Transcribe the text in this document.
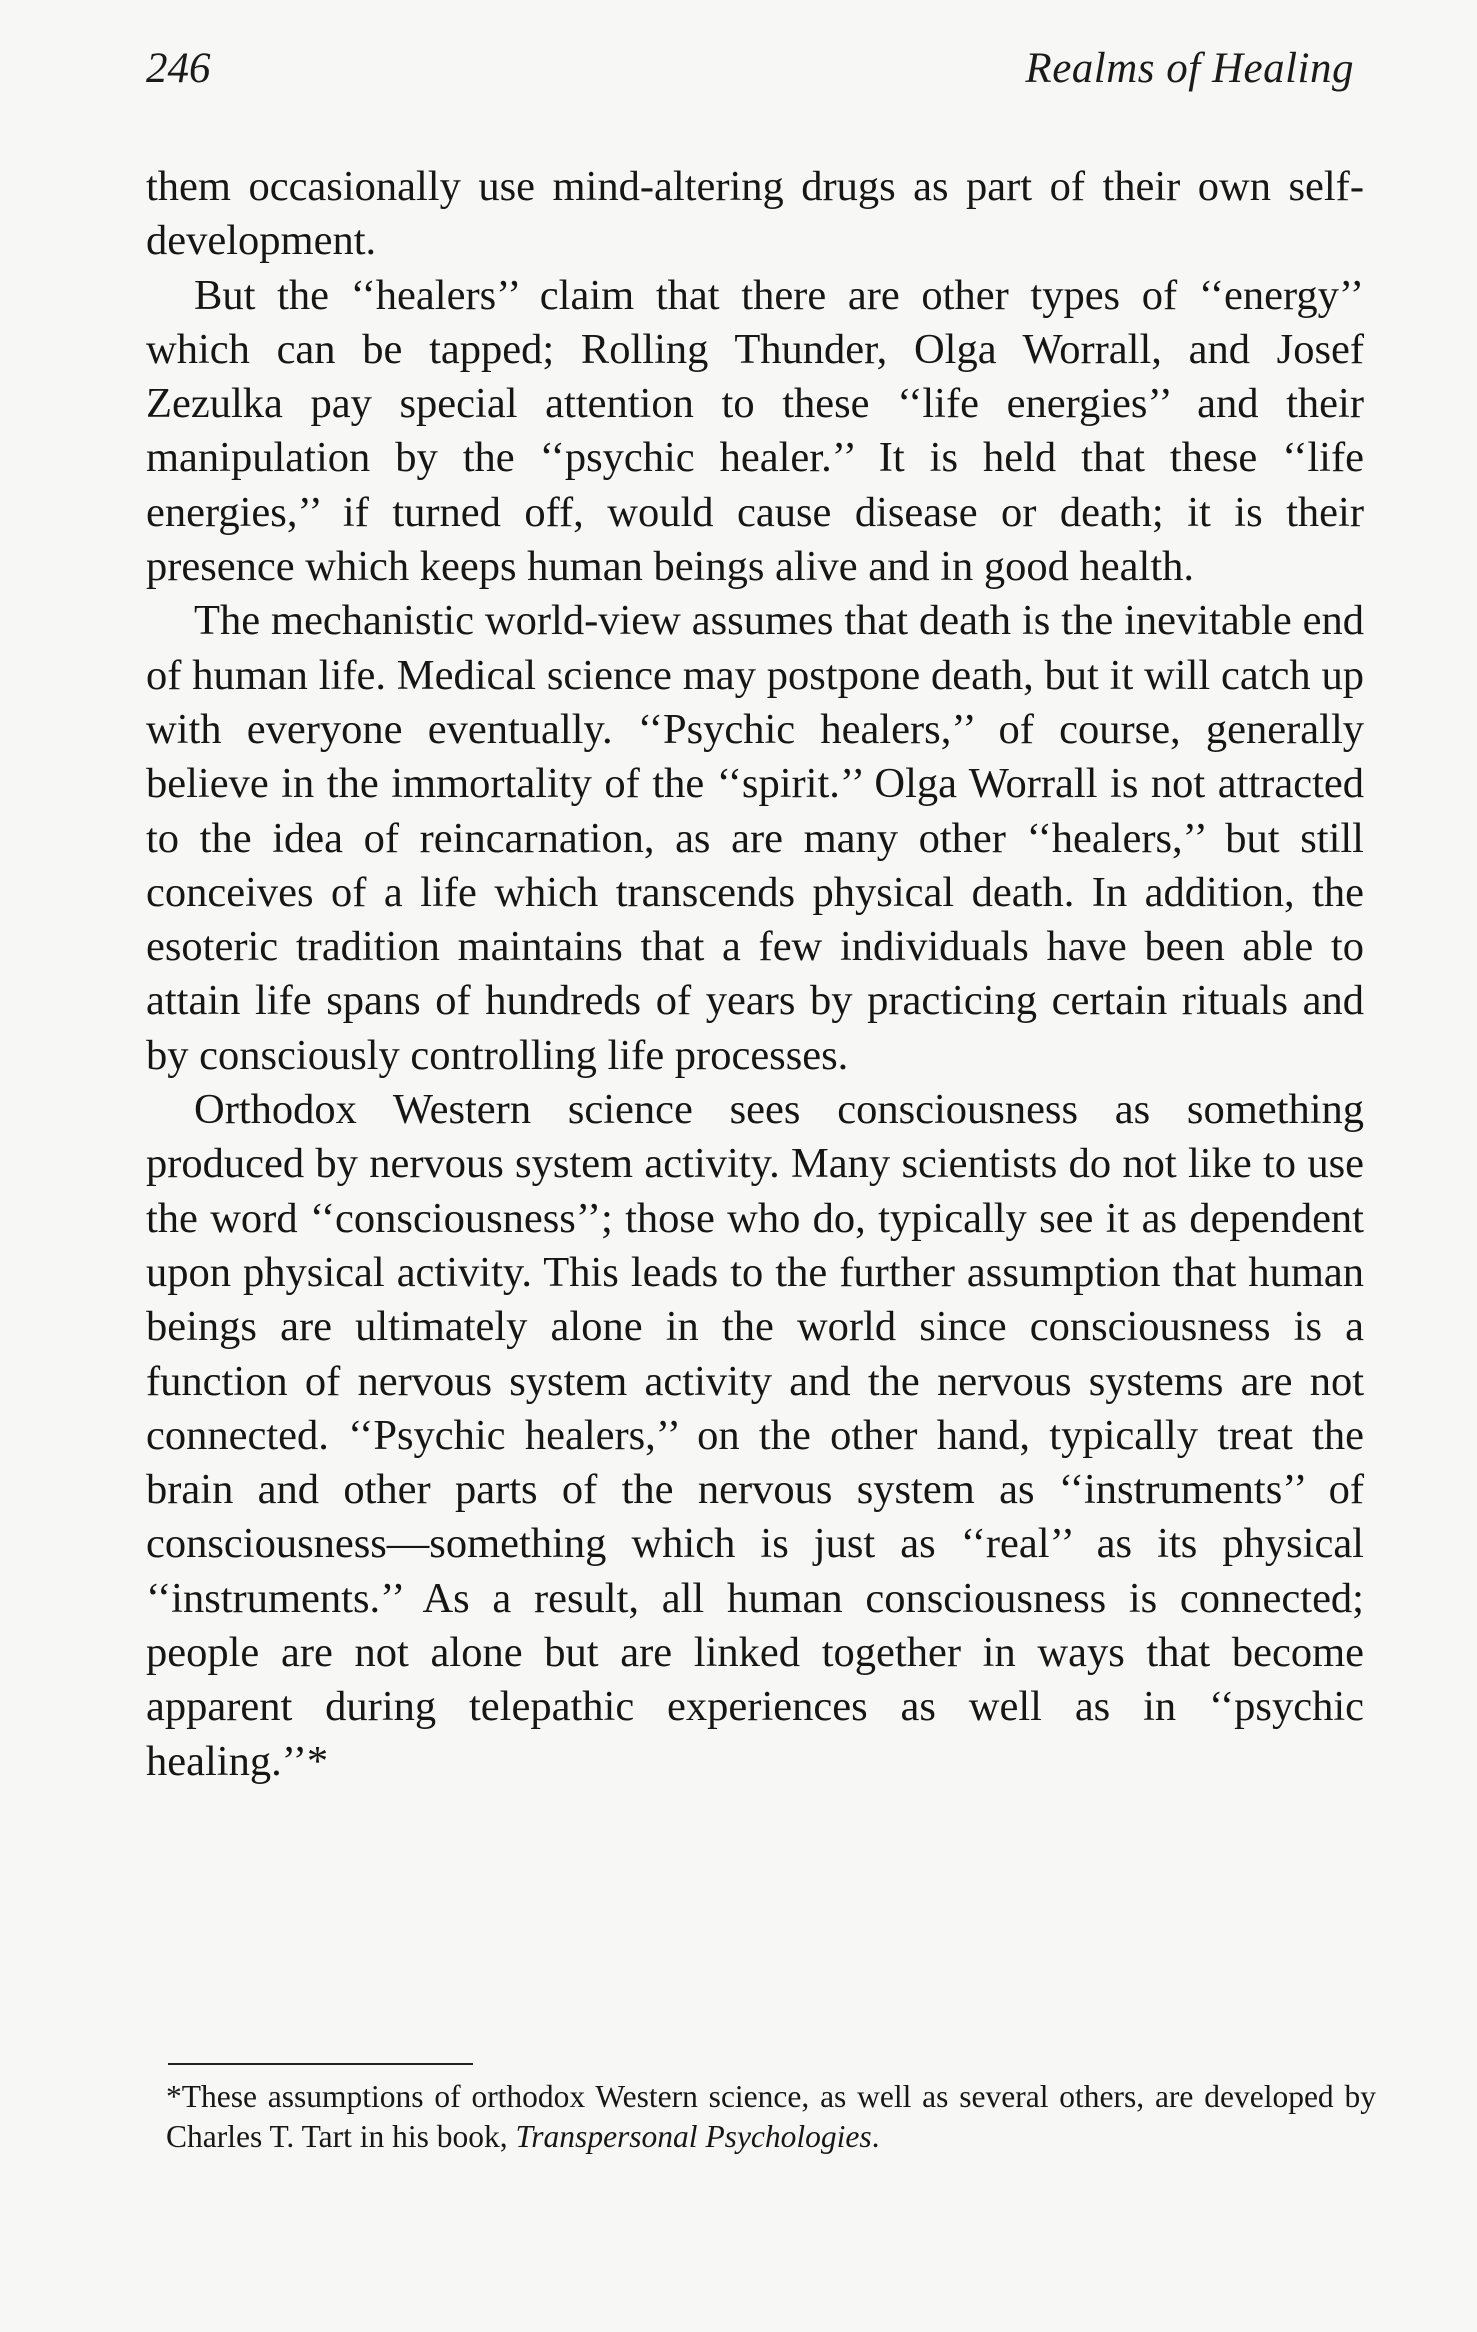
246	Realms of Healing

them occasionally use mind-altering drugs as part of their own self-development.

But the ‘‘healers’’ claim that there are other types of ‘‘energy’’ which can be tapped; Rolling Thunder, Olga Worrall, and Josef Zezulka pay special attention to these ‘‘life energies’’ and their manipulation by the ‘‘psychic healer.’’ It is held that these ‘‘life energies,’’ if turned off, would cause disease or death; it is their presence which keeps human beings alive and in good health.

The mechanistic world-view assumes that death is the inevitable end of human life. Medical science may postpone death, but it will catch up with everyone eventually. ‘‘Psychic healers,’’ of course, generally believe in the immortality of the ‘‘spirit.’’ Olga Worrall is not attracted to the idea of reincarnation, as are many other ‘‘healers,’’ but still conceives of a life which transcends physical death. In addition, the esoteric tradition maintains that a few individuals have been able to attain life spans of hundreds of years by practicing certain rituals and by consciously controlling life processes.

Orthodox Western science sees consciousness as something produced by nervous system activity. Many scientists do not like to use the word ‘‘consciousness’’; those who do, typically see it as dependent upon physical activity. This leads to the further assumption that human beings are ultimately alone in the world since consciousness is a function of nervous system activity and the nervous systems are not connected. ‘‘Psychic healers,’’ on the other hand, typically treat the brain and other parts of the nervous system as ‘‘instruments’’ of consciousness—something which is just as ‘‘real’’ as its physical ‘‘instruments.’’ As a result, all human consciousness is connected; people are not alone but are linked together in ways that become apparent during telepathic experiences as well as in ‘‘psychic healing.’’*

*These assumptions of orthodox Western science, as well as several others, are developed by Charles T. Tart in his book, Transpersonal Psychologies.
